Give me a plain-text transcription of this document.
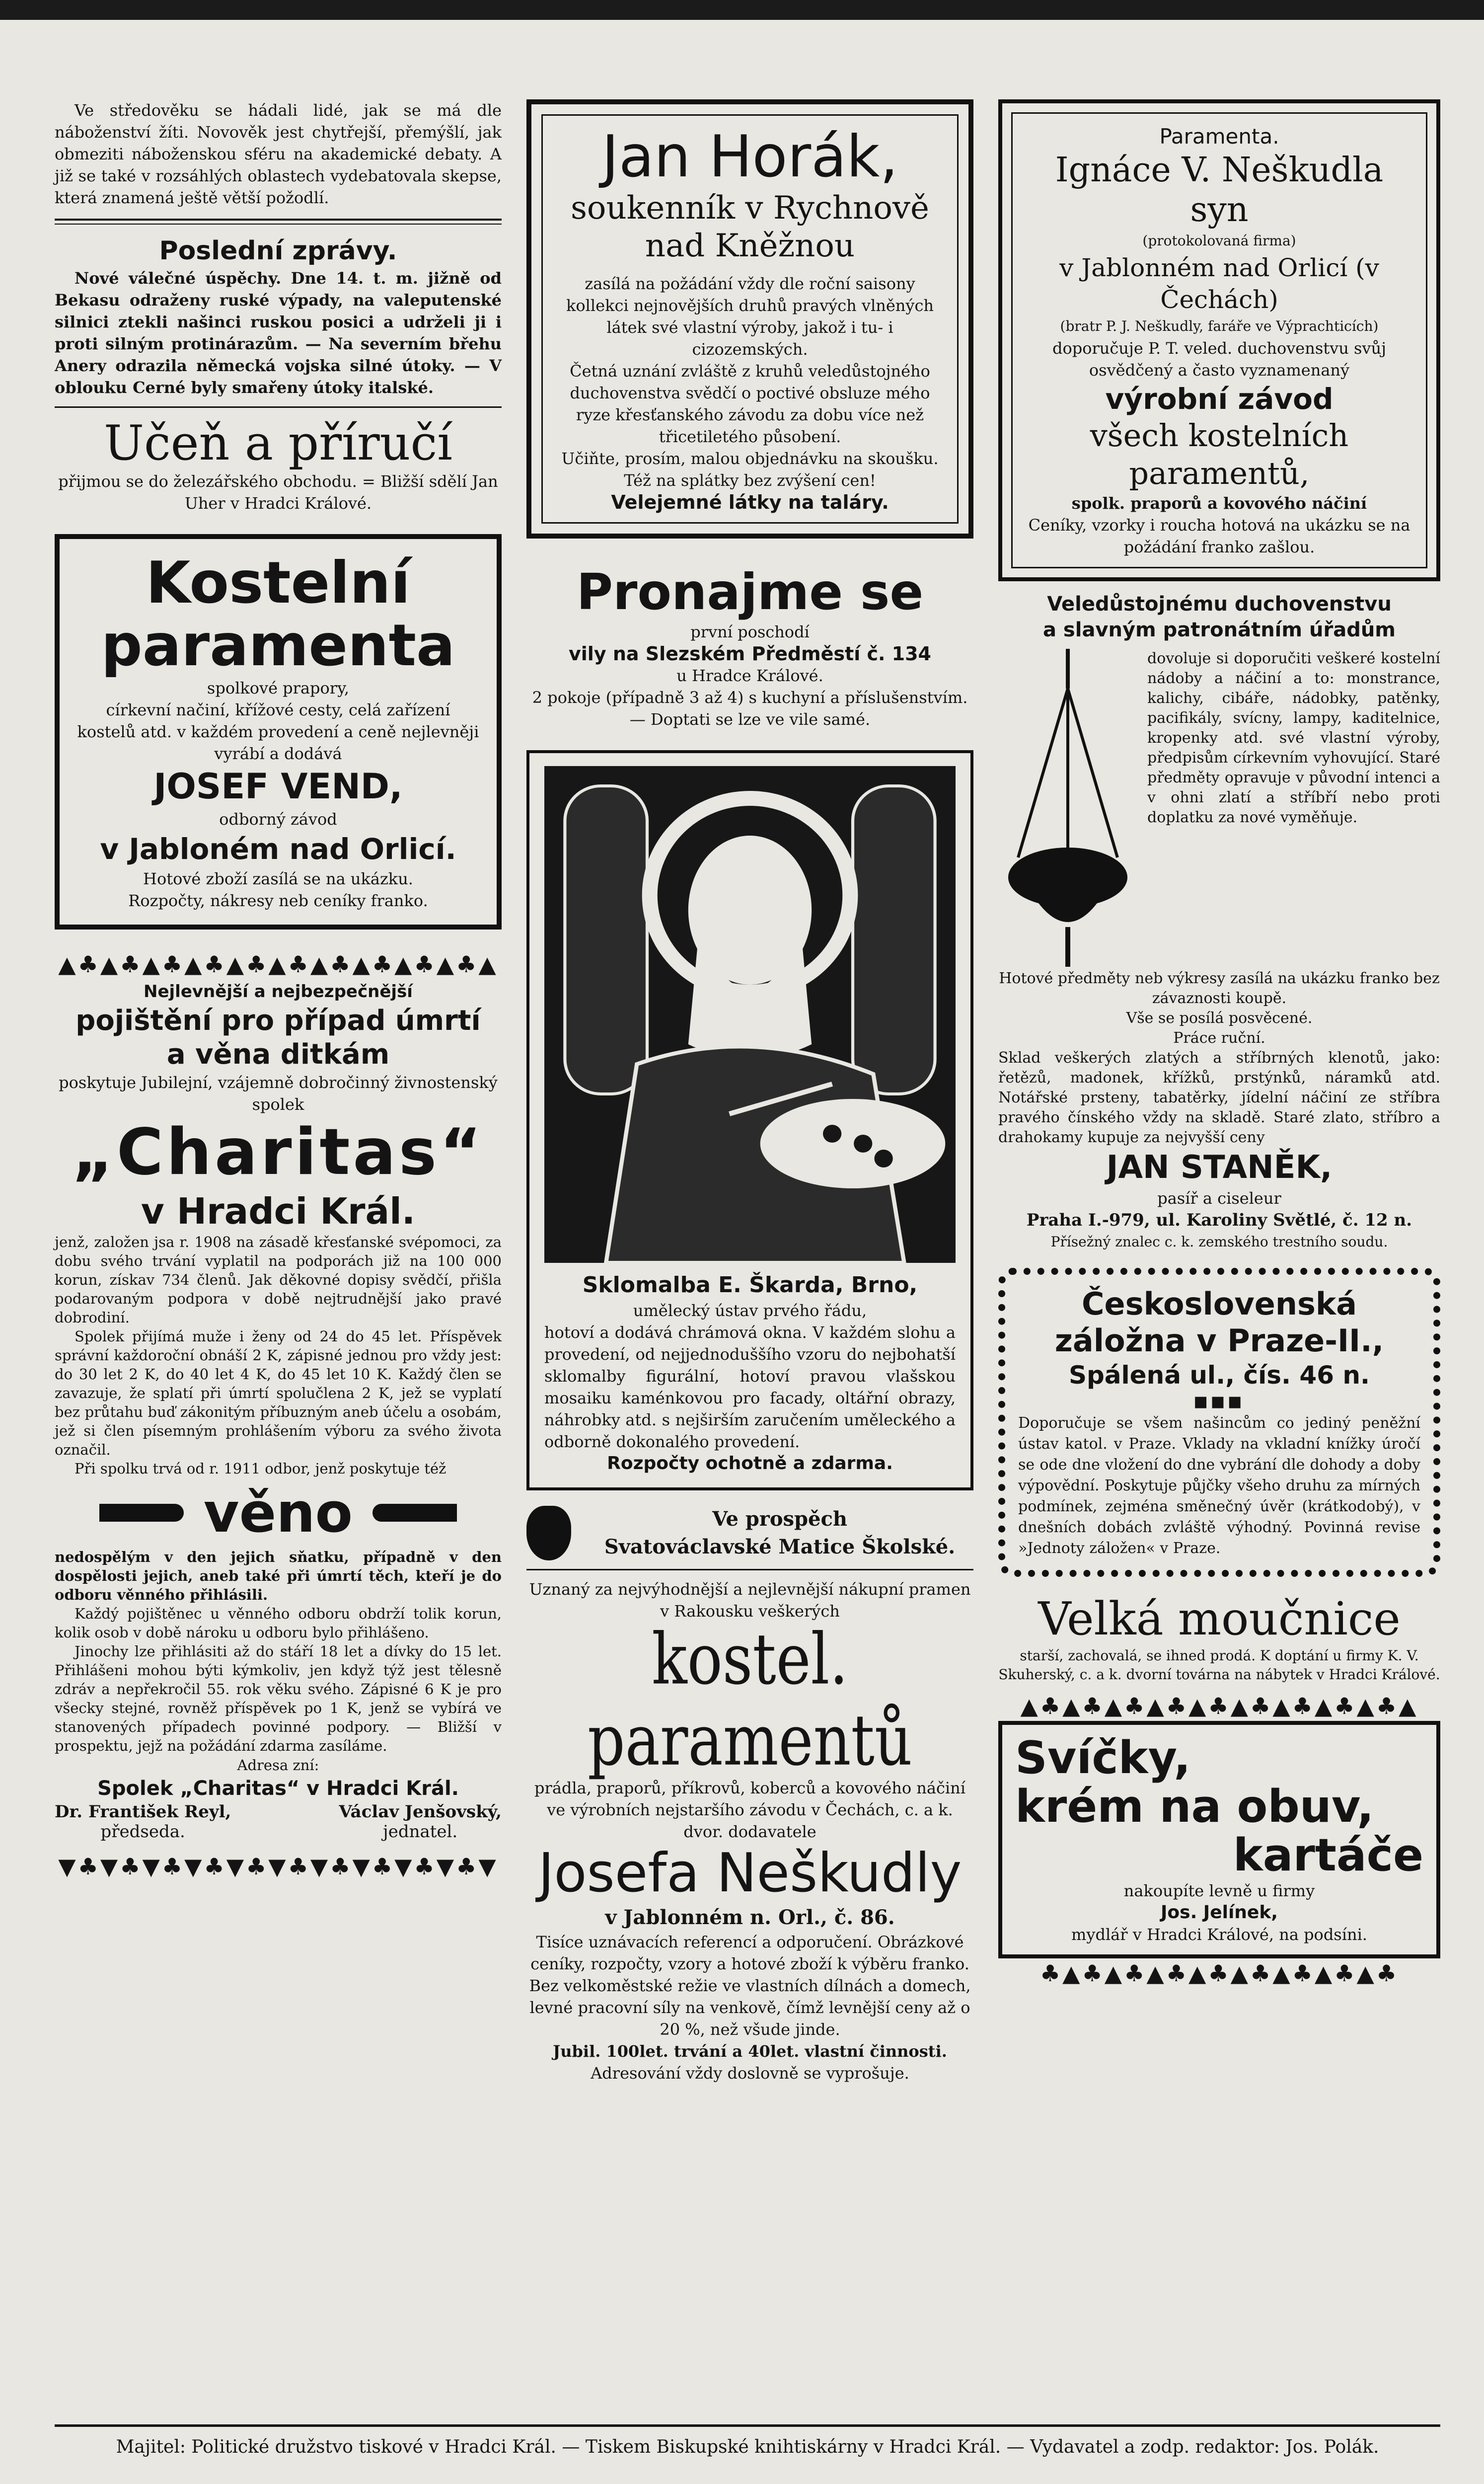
Ve středověku se hádali lidé, jak se má dle náboženství žíti. Novověk jest chytřejší, přemýšlí, jak obmeziti náboženskou sféru na akademické debaty. A již se také v rozsáhlých oblastech vydebatovala skepse, která znamená ještě větší požodlí.

Poslední zprávy.

Nové válečné úspěchy. Dne 14. t. m. jižně od Bekasu odraženy ruské výpady, na valeputenské silnici ztekli našinci ruskou posici a udrželi ji i proti silným protinárazům. — Na severním břehu Anery odrazila německá vojska silné útoky. — V oblouku Cerné byly smařeny útoky italské.

Učeň a příručí

přijmou se do železářského obchodu. = Bližší sdělí Jan Uher v Hradci Králové.

Kostelní
paramenta

spolkové prapory,

církevní načiní, křížové cesty, celá zařízení kostelů atd. v každém provedení a ceně nejlevněji vyrábí a dodává

JOSEF VEND,

odborný závod

v Jabloném nad Orlicí.

Hotové zboží zasílá se na ukázku.

Rozpočty, nákresy neb ceníky franko.

▲♣▲♣▲♣▲♣▲♣▲♣▲♣▲♣▲♣▲♣▲
Nejlevnější a nejbezpečnější
pojištění pro případ úmrtí
a věna ditkám

poskytuje Jubilejní, vzájemně dobročinný živnostenský spolek

„Charitas“
v Hradci Král.

jenž, založen jsa r. 1908 na zásadě křesťanské svépomoci, za dobu svého trvání vyplatil na podporách již na 100 000 korun, získav 734 členů. Jak děkovné dopisy svědčí, přišla podarovaným podpora v době nejtrudnější jako pravé dobrodiní.

Spolek přijímá muže i ženy od 24 do 45 let. Příspěvek správní každoroční obnáší 2 K, zápisné jednou pro vždy jest: do 30 let 2 K, do 40 let 4 K, do 45 let 10 K. Každý člen se zavazuje, že splatí při úmrtí spolučlena 2 K, jež se vyplatí bez průtahu buď zákonitým příbuzným aneb účelu a osobám, jež si člen písemným prohlášením výboru za svého života označil.

Při spolku trvá od r. 1911 odbor, jenž poskytuje též

věno

nedospělým v den jejich sňatku, případně v den dospělosti jejich, aneb také při úmrtí těch, kteří je do odboru věnného přihlásili.

Každý pojištěnec u věnného odboru obdrží tolik korun, kolik osob v době nároku u odboru bylo přihlášeno.

Jinochy lze přihlásiti až do stáří 18 let a dívky do 15 let. Přihlášeni mohou býti kýmkoliv, jen když týž jest tělesně zdráv a nepřekročil 55. rok věku svého. Zápisné 6 K je pro všecky stejné, rovněž příspěvek po 1 K, jenž se vybírá ve stanovených případech povinné podpory. — Bližší v prospektu, jejž na požádání zdarma zasíláme.

Adresa zní:

Spolek „Charitas“ v Hradci Král.
Dr. František Reyl,
předseda.
Václav Jenšovský,
jednatel.
▼♣▼♣▼♣▼♣▼♣▼♣▼♣▼♣▼♣▼♣▼
Jan Horák,
soukenník v Rychnově nad Kněžnou

zasílá na požádání vždy dle roční saisony kollekci nejnovějších druhů pravých vlněných látek své vlastní výroby, jakož i tu- i cizozemských.

Četná uznání zvláště z kruhů veledůstojného duchovenstva svědčí o poctivé obsluze mého ryze křesťanského závodu za dobu více než třicetiletého působení.

Učiňte, prosím, malou objednávku na skoušku.

Též na splátky bez zvýšení cen!

Velejemné látky na taláry.

Pronajme se

první poschodí

vily na Slezském Předměstí č. 134

u Hradce Králové.

2 pokoje (případně 3 až 4) s kuchyní a příslušenstvím. — Doptati se lze ve vile samé.

Sklomalba E. Škarda, Brno,

umělecký ústav prvého řádu,

hotoví a dodává chrámová okna. V každém slohu a provedení, od nejjednoduššího vzoru do nejbohatší sklomalby figurální, hotoví pravou vlašskou mosaiku kaménkovou pro facady, oltářní obrazy, náhrobky atd. s nejširším zaručením uměleckého a odborně dokonalého provedení.

Rozpočty ochotně a zdarma.

Ve prospěch

Svatováclavské Matice Školské.

Uznaný za nejvýhodnější a nejlevnější nákupní pramen v Rakousku veškerých

kostel. paramentů

prádla, praporů, příkrovů, koberců a kovového náčiní ve výrobních nejstaršího závodu v Čechách, c. a k. dvor. dodavatele

Josefa Neškudly

v Jablonném n. Orl., č. 86.

Tisíce uznávacích referencí a odporučení. Obrázkové ceníky, rozpočty, vzory a hotové zboží k výběru franko.

Bez velkoměstské režie ve vlastních dílnách a domech, levné pracovní síly na venkově, čímž levnější ceny až o 20 %, než všude jinde.

Jubil. 100let. trvání a 40let. vlastní činnosti.

Adresování vždy doslovně se vyprošuje.

Paramenta.

Ignáce V. Neškudla syn

(protokolovaná firma)

v Jablonném nad Orlicí (v Čechách)

(bratr P. J. Neškudly, faráře ve Výprachticích)

doporučuje P. T. veled. duchovenstvu svůj osvědčený a často vyznamenaný

výrobní závod
všech kostelních paramentů,

spolk. praporů a kovového náčiní

Ceníky, vzorky i roucha hotová na ukázku se na požádání franko zašlou.

Veledůstojnému duchovenstvu
a slavným patronátním úřadům

dovoluje si doporučiti veškeré kostelní nádoby a náčiní a to: monstrance, kalichy, cibáře, nádobky, patěnky, pacifikály, svícny, lampy, kaditelnice, kropenky atd. své vlastní výroby, předpisům církevním vyhovující. Staré předměty opravuje v původní intenci a v ohni zlatí a stříbří nebo proti doplatku za nové vyměňuje.

Hotové předměty neb výkresy zasílá na ukázku franko bez závaznosti koupě.

Vše se posílá posvěcené.

Práce ruční.

Sklad veškerých zlatých a stříbrných klenotů, jako: řetězů, madonek, křížků, prstýnků, náramků atd. Notářské prsteny, tabatěrky, jídelní náčiní ze stříbra pravého čínského vždy na skladě. Staré zlato, stříbro a drahokamy kupuje za nejvyšší ceny

JAN STANĚK,

pasíř a ciseleur

Praha I.-979, ul. Karoliny Světlé, č. 12 n.

Přísežný znalec c. k. zemského trestního soudu.

Československá
záložna v Praze-II.,
Spálená ul., čís. 46 n.
■■■

Doporučuje se všem našincům co jediný peněžní ústav katol. v Praze. Vklady na vkladní knížky úročí se ode dne vložení do dne vybrání dle dohody a doby výpovědní. Poskytuje půjčky všeho druhu za mírných podmínek, zejména směnečný úvěr (krátkodobý), v dnešních dobách zvláště výhodný. Povinná revise »Jednoty záložen« v Praze.

Velká moučnice

starší, zachovalá, se ihned prodá. K doptání u firmy K. V. Skuherský, c. a k. dvorní továrna na nábytek v Hradci Králové.

▲♣▲♣▲♣▲♣▲♣▲♣▲♣▲♣▲♣▲
Svíčky,
krém na obuv,
kartáče

nakoupíte levně u firmy

Jos. Jelínek,

mydlář v Hradci Králové, na podsíni.

♣▲♣▲♣▲♣▲♣▲♣▲♣▲♣▲♣
Majitel: Politické družstvo tiskové v Hradci Král. — Tiskem Biskupské knihtiskárny v Hradci Král. — Vydavatel a zodp. redaktor: Jos. Polák.
